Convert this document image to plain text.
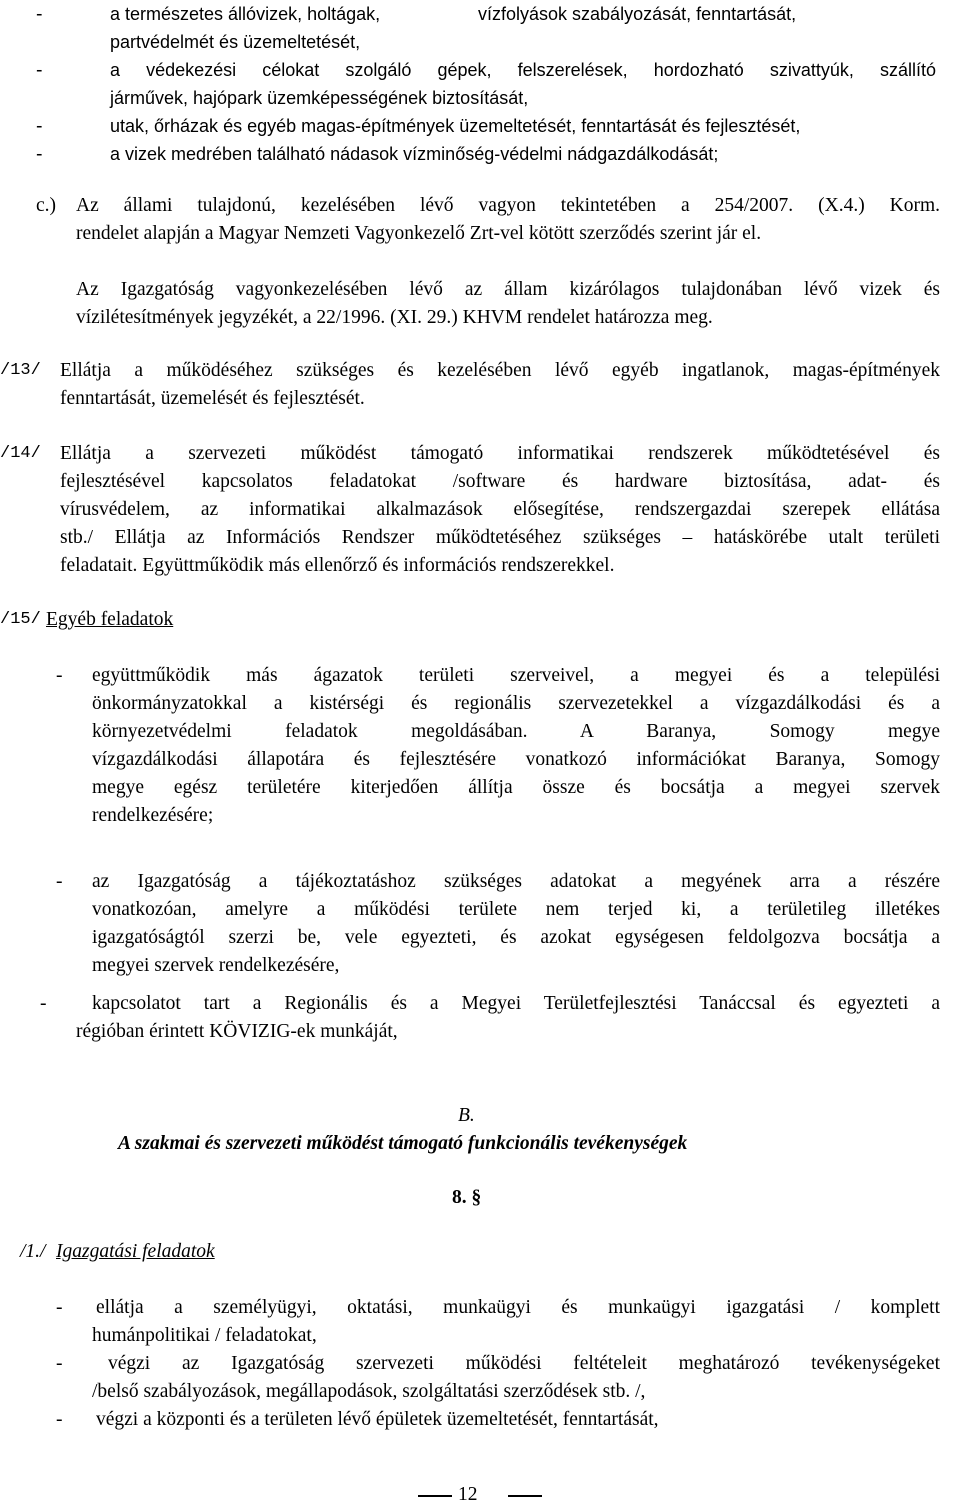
-	a természetes állóvizek, holtágak,	vízfolyások szabályozását, fenntartását,
partvédelmét és üzemeltetését,
-	a védekezési célokat szolgáló gépek, felszerelések, hordozható szivattyúk, szállító
járművek, hajópark üzemképességének biztosítását,
-	utak, őrházak és egyéb magas-építmények üzemeltetését, fenntartását és fejlesztését,
-	a vizek medrében található nádasok vízminőség-védelmi nádgazdálkodását;
c.) Az állami tulajdonú, kezelésében lévő vagyon tekintetében a 254/2007. (X.4.) Korm.
rendelet alapján a Magyar Nemzeti Vagyonkezelő Zrt-vel kötött szerződés szerint jár el.
Az Igazgatóság vagyonkezelésében lévő az állam kizárólagos tulajdonában lévő vizek és
vízilétesítmények jegyzékét, a 22/1996. (XI. 29.) KHVM rendelet határozza meg.
/13/ Ellátja a működéséhez szükséges és kezelésében lévő egyéb ingatlanok, magas-építmények
fenntartását, üzemelését és fejlesztését.
/14/ Ellátja a szervezeti működést támogató informatikai rendszerek működtetésével és
fejlesztésével kapcsolatos feladatokat /software és hardware biztosítása, adat- és
vírusvédelem, az informatikai alkalmazások elősegítése, rendszergazdai szerepek ellátása
stb./ Ellátja az Információs Rendszer működtetéséhez szükséges – hatáskörébe utalt területi
feladatait. Együttműködik más ellenőrző és információs rendszerekkel.
/15/ Egyéb feladatok
- együttműködik más ágazatok területi szerveivel, a megyei és a települési
önkormányzatokkal a kistérségi és regionális szervezetekkel a vízgazdálkodási és a
környezetvédelmi feladatok megoldásában. A Baranya, Somogy megye
vízgazdálkodási állapotára és fejlesztésére vonatkozó információkat Baranya, Somogy
megye egész területére kiterjedően állítja össze és bocsátja a megyei szervek
rendelkezésére;
- az Igazgatóság a tájékoztatáshoz szükséges adatokat a megyének arra a részére
vonatkozóan, amelyre a működési területe nem terjed ki, a területileg illetékes
igazgatóságtól szerzi be, vele egyezteti, és azokat egységesen feldolgozva bocsátja a
megyei szervek rendelkezésére,
- kapcsolatot tart a Regionális és a Megyei Területfejlesztési Tanáccsal és egyezteti a
régióban érintett KÖVIZIG-ek munkáját,
B.
A szakmai és szervezeti működést támogató funkcionális tevékenységek
8. §
/1./ Igazgatási feladatok
- ellátja a személyügyi, oktatási, munkaügyi és munkaügyi igazgatási / komplett
humánpolitikai / feladatokat,
- végzi az Igazgatóság szervezeti működési feltételeit meghatározó tevékenységeket
/belső szabályozások, megállapodások, szolgáltatási szerződések stb. /,
- végzi a központi és a területen lévő épületek üzemeltetését, fenntartását,
12
